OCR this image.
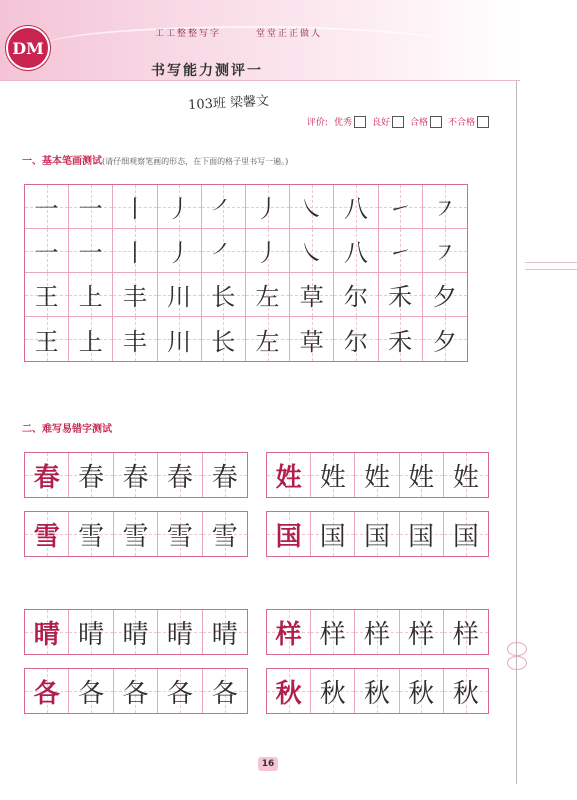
DM
工工整整写字	堂堂正正做人
书写能力测评一
103班 梁馨文
评价: 优秀 良好 合格 不合格
一、基本笔画测试(请仔细观察笔画的形态，在下面的格子里书写一遍。)
一 一 丨 丿 ㇒ 丿 ㇏ 八 ㇀ ㇇
一 一 丨 丿 ㇒ 丿 ㇏ 八 ㇀ ㇇
王 上 丰 川 长 左 草 尔 禾 夕
王 上 丰 川 长 左 草 尔 禾 夕
二、难写易错字测试
春 春 春 春 春 姓 姓 姓 姓 姓
雪 雪 雪 雪 雪 国 国 国 国 国
晴 晴 晴 晴 晴 样 样 样 样 样
各 各 各 各 各 秋 秋 秋 秋 秋
16
